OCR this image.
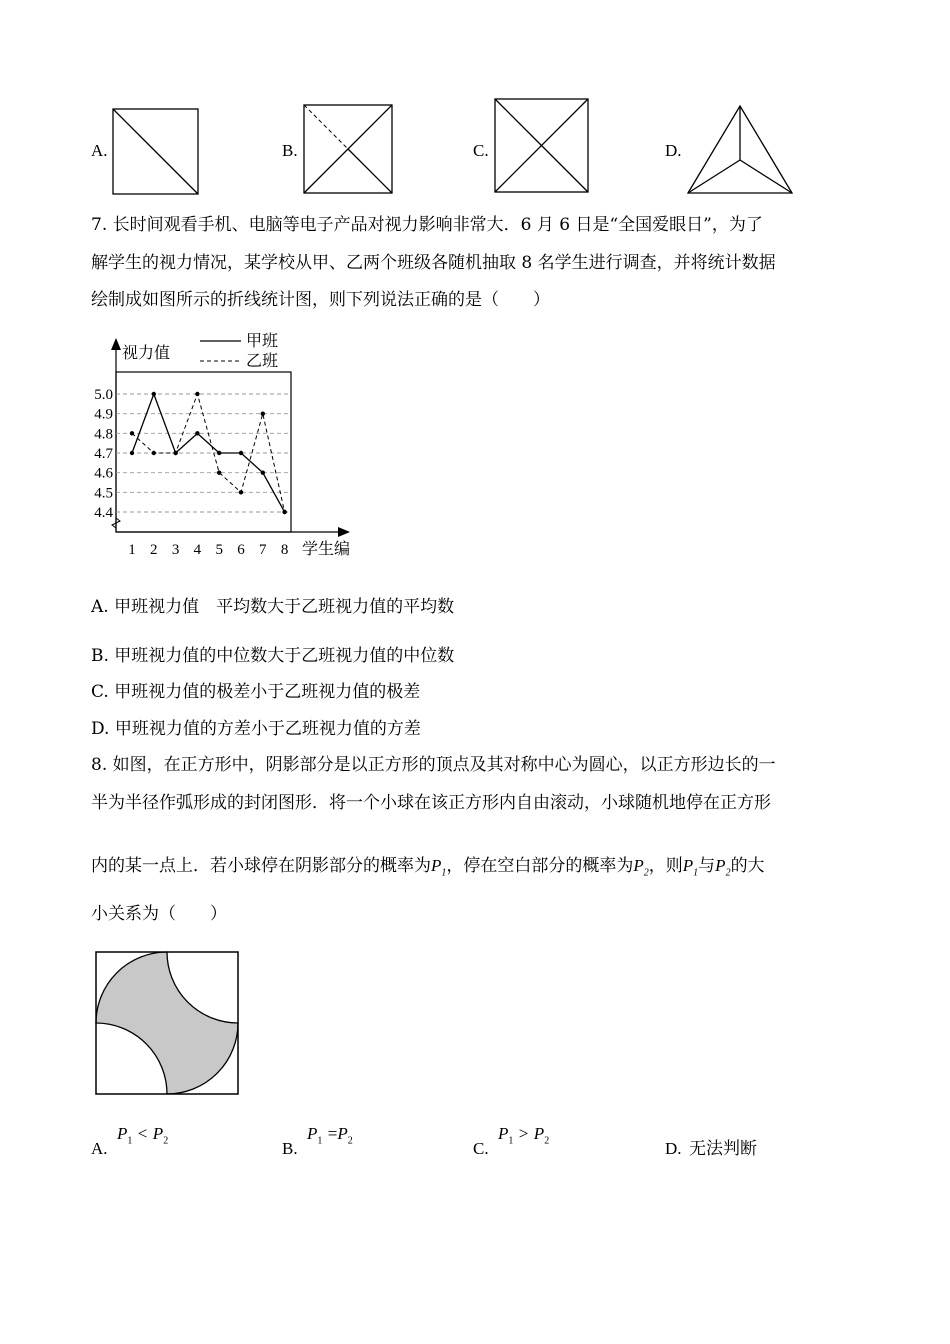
A.	B.	C.	D.
7. 长时间观看手机、电脑等电子产品对视力影响非常大．6 月 6 日是“全国爱眼日”，为了
解学生的视力情况，某学校从甲、乙两个班级各随机抽取 8 名学生进行调查，并将统计数据
绘制成如图所示的折线统计图，则下列说法正确的是（　　）
视力值
学生编
甲班
乙班
5.0
4.9
4.8
4.7
4.6
4.5
4.4
1 2 3 4 5 6 7 8
A. 甲班视力值　平均数大于乙班视力值的平均数
B. 甲班视力值的中位数大于乙班视力值的中位数
C. 甲班视力值的极差小于乙班视力值的极差
D. 甲班视力值的方差小于乙班视力值的方差
8. 如图，在正方形中，阴影部分是以正方形的顶点及其对称中心为圆心，以正方形边长的一
半为半径作弧形成的封闭图形．将一个小球在该正方形内自由滚动，小球随机地停在正方形
内的某一点上．若小球停在阴影部分的概率为$P_1$，停在空白部分的概率为$P_2$，则$P_1$与$P_2$的大
小关系为（　　）
A.
$P_1 < P_2$	B.
$P_1 =P_2$	C.
$P_1 > P_2$	D. 无法判断
